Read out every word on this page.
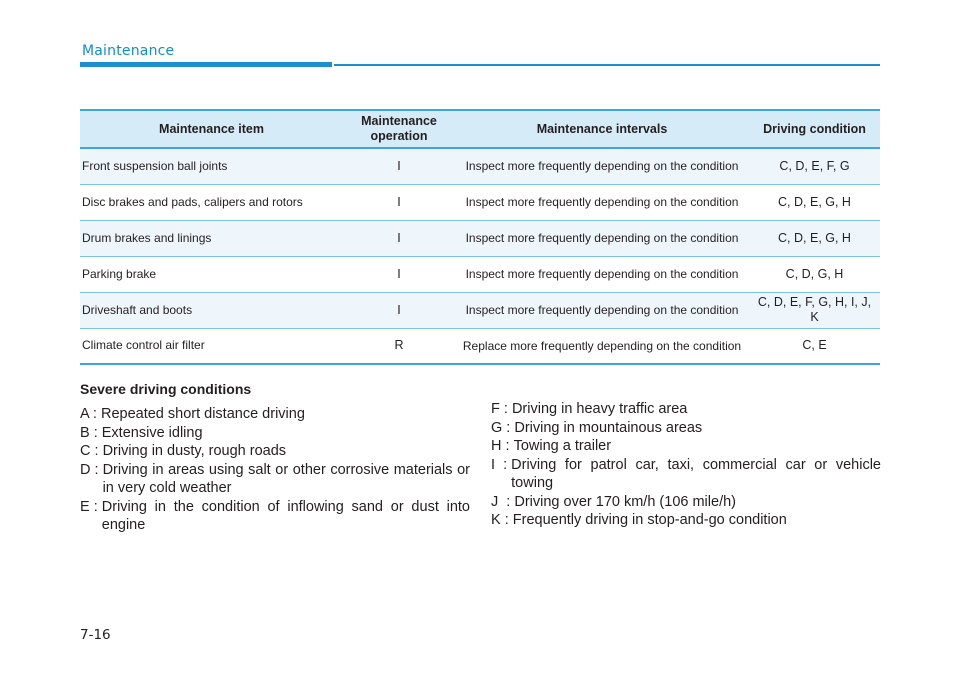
Maintenance
Maintenance item	Maintenance operation	Maintenance intervals	Driving condition
Front suspension ball joints	I	Inspect more frequently depending on the condition	C, D, E, F, G
Disc brakes and pads, calipers and rotors	I	Inspect more frequently depending on the condition	C, D, E, G, H
Drum brakes and linings	I	Inspect more frequently depending on the condition	C, D, E, G, H
Parking brake	I	Inspect more frequently depending on the condition	C, D, G, H
Driveshaft and boots	I	Inspect more frequently depending on the condition	C, D, E, F, G, H, I, J, K
Climate control air filter	R	Replace more frequently depending on the condition	C, E
Severe driving conditions
A : Repeated short distance driving
B : Extensive idling
C : Driving in dusty, rough roads
D : Driving in areas using salt or other corrosive materials or in very cold weather
E : Driving in the condition of inflowing sand or dust into engine
F : Driving in heavy traffic area
G : Driving in mountainous areas
H : Towing a trailer
I  : Driving for patrol car, taxi, commercial car or vehicle towing
J  : Driving over 170 km/h (106 mile/h)
K : Frequently driving in stop-and-go condition
7-16
